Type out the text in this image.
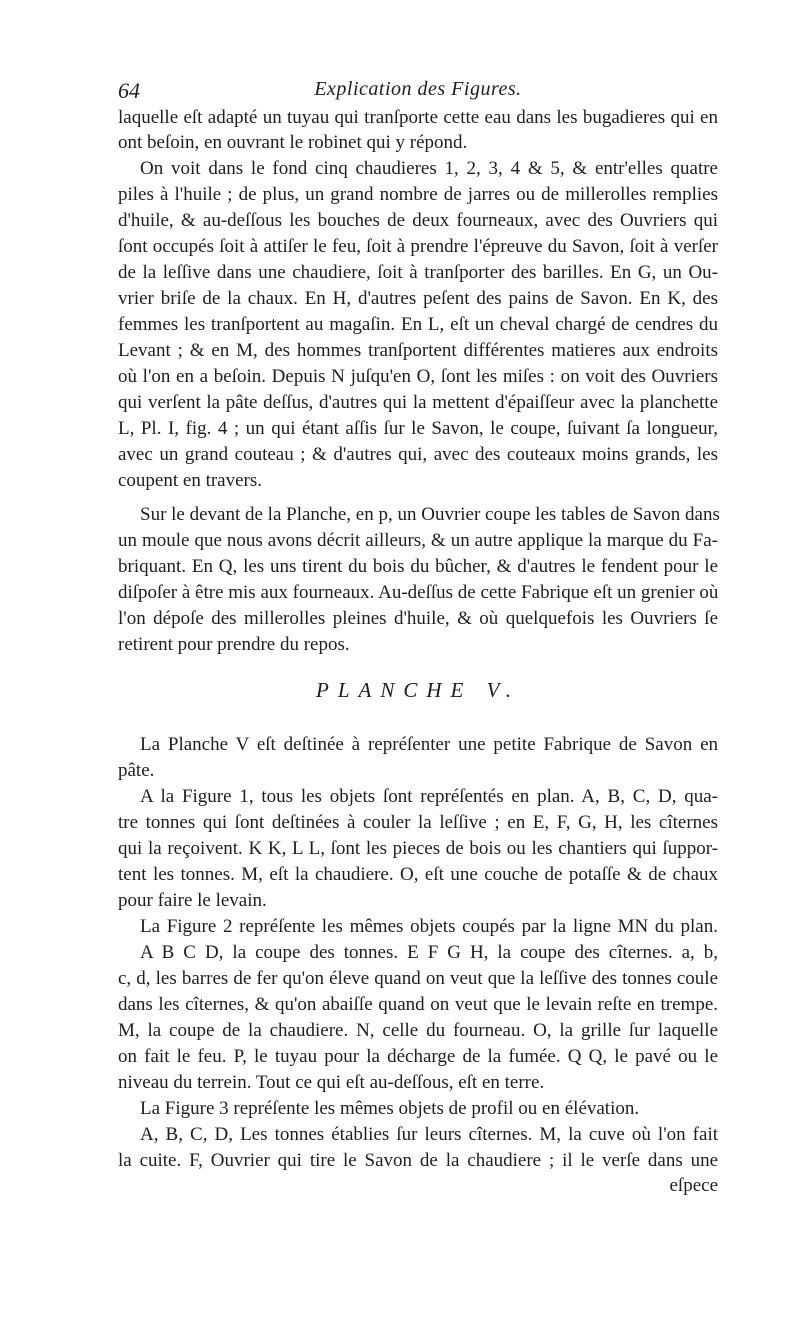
64	Explication des Figures.
laquelle eſt adapté un tuyau qui tranſporte cette eau dans les bugadieres qui en
ont beſoin, en ouvrant le robinet qui y répond.
On voit dans le fond cinq chaudieres 1, 2, 3, 4 & 5, & entr'elles quatre
piles à l'huile ; de plus, un grand nombre de jarres ou de millerolles remplies
d'huile, & au-deſſous les bouches de deux fourneaux, avec des Ouvriers qui
ſont occupés ſoit à attiſer le feu, ſoit à prendre l'épreuve du Savon, ſoit à verſer
de la leſſive dans une chaudiere, ſoit à tranſporter des barilles. En G, un Ou-
vrier briſe de la chaux. En H, d'autres peſent des pains de Savon. En K, des
femmes les tranſportent au magaſin. En L, eſt un cheval chargé de cendres du
Levant ; & en M, des hommes tranſportent différentes matieres aux endroits
où l'on en a beſoin. Depuis N juſqu'en O, ſont les miſes : on voit des Ouvriers
qui verſent la pâte deſſus, d'autres qui la mettent d'épaiſſeur avec la planchette
L, Pl. I, fig. 4 ; un qui étant aſſis ſur le Savon, le coupe, ſuivant ſa longueur,
avec un grand couteau ; & d'autres qui, avec des couteaux moins grands, les
coupent en travers.
Sur le devant de la Planche, en p, un Ouvrier coupe les tables de Savon dans
un moule que nous avons décrit ailleurs, & un autre applique la marque du Fa-
briquant. En Q, les uns tirent du bois du bûcher, & d'autres le fendent pour le
diſpoſer à être mis aux fourneaux. Au-deſſus de cette Fabrique eſt un grenier où
l'on dépoſe des millerolles pleines d'huile, & où quelquefois les Ouvriers ſe
retirent pour prendre du repos.
PLANCHE V.
La Planche V eſt deſtinée à repréſenter une petite Fabrique de Savon en
pâte.
A la Figure 1, tous les objets ſont repréſentés en plan. A, B, C, D, qua-
tre tonnes qui ſont deſtinées à couler la leſſive ; en E, F, G, H, les cîternes
qui la reçoivent. K K, L L, ſont les pieces de bois ou les chantiers qui ſuppor-
tent les tonnes. M, eſt la chaudiere. O, eſt une couche de potaſſe & de chaux
pour faire le levain.
La Figure 2 repréſente les mêmes objets coupés par la ligne MN du plan.
A B C D, la coupe des tonnes. E F G H, la coupe des cîternes. a, b,
c, d, les barres de fer qu'on éleve quand on veut que la leſſive des tonnes coule
dans les cîternes, & qu'on abaiſſe quand on veut que le levain reſte en trempe.
M, la coupe de la chaudiere. N, celle du fourneau. O, la grille ſur laquelle
on fait le feu. P, le tuyau pour la décharge de la fumée. Q Q, le pavé ou le
niveau du terrein. Tout ce qui eſt au-deſſous, eſt en terre.
La Figure 3 repréſente les mêmes objets de profil ou en élévation.
A, B, C, D, Les tonnes établies ſur leurs cîternes. M, la cuve où l'on fait
la cuite. F, Ouvrier qui tire le Savon de la chaudiere ; il le verſe dans une
eſpece
